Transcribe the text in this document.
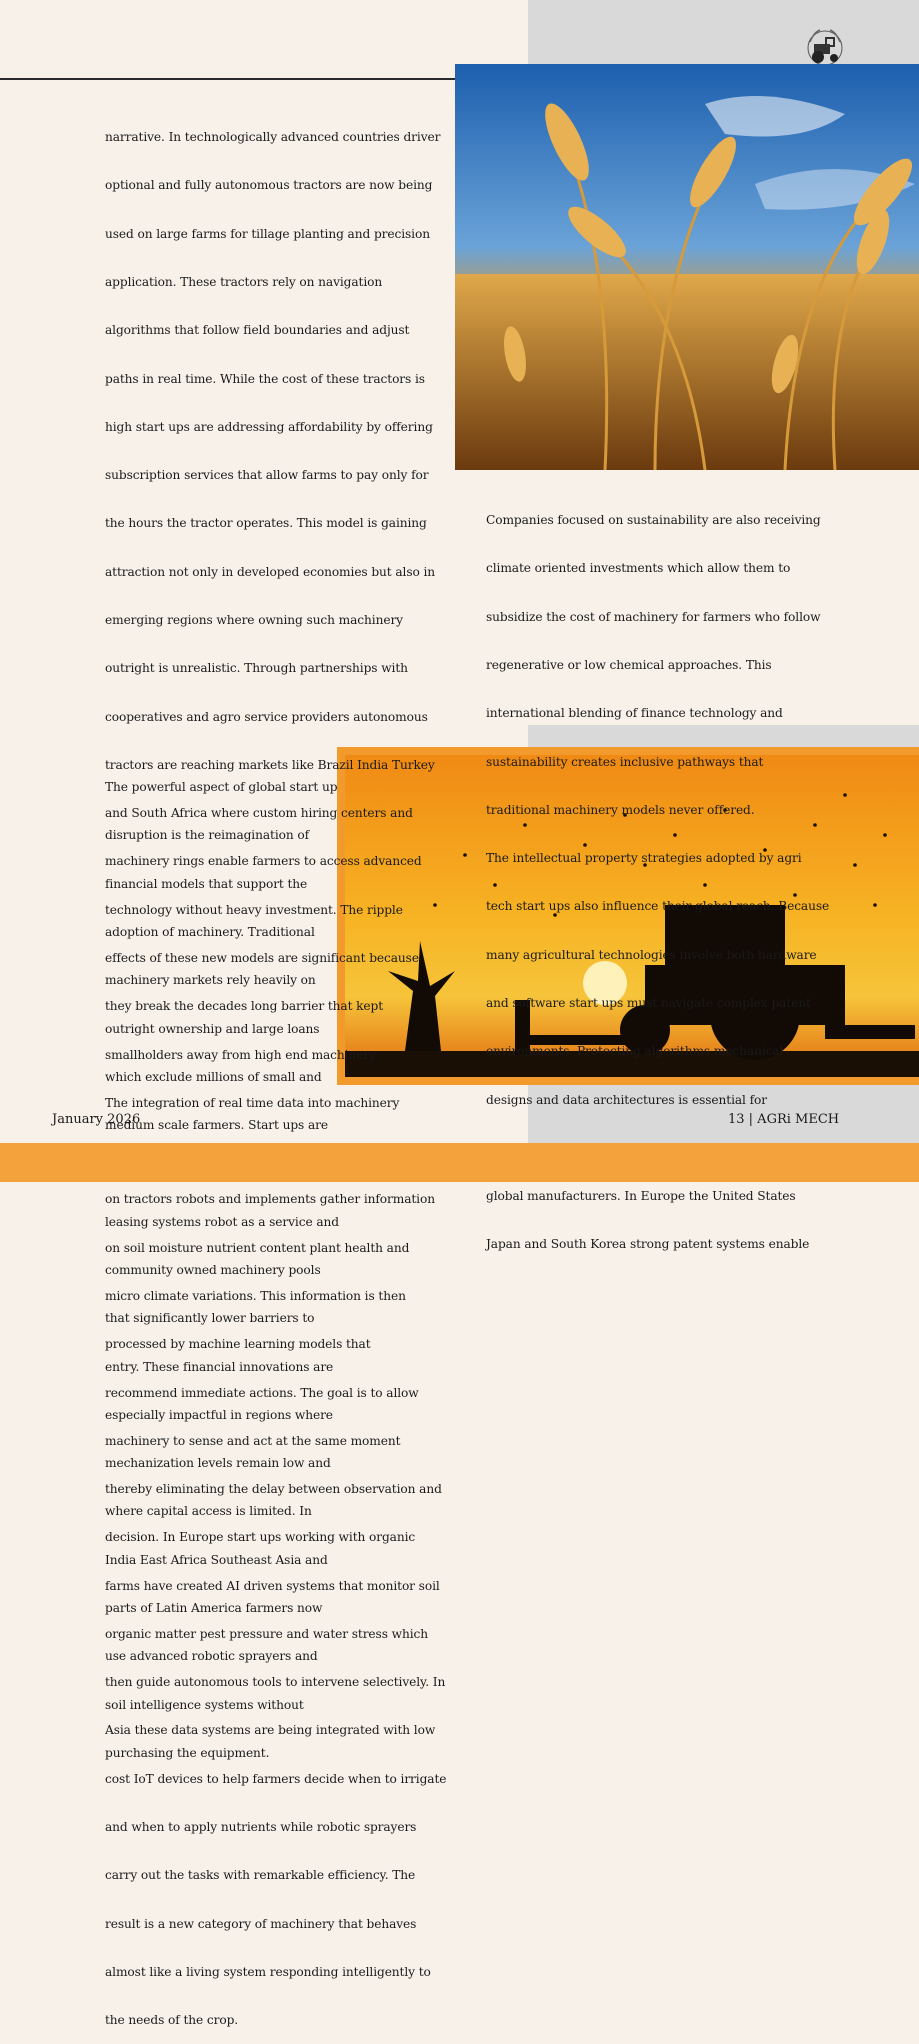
narrative. In technologically advanced countries driver

optional and fully autonomous tractors are now being

used on large farms for tillage planting and precision

application. These tractors rely on navigation

algorithms that follow field boundaries and adjust

paths in real time. While the cost of these tractors is

high start ups are addressing affordability by offering

subscription services that allow farms to pay only for

the hours the tractor operates. This model is gaining

attraction not only in developed economies but also in

emerging regions where owning such machinery

outright is unrealistic. Through partnerships with

cooperatives and agro service providers autonomous

tractors are reaching markets like Brazil India Turkey

and South Africa where custom hiring centers and

machinery rings enable farmers to access advanced

technology without heavy investment. The ripple

effects of these new models are significant because

they break the decades long barrier that kept

smallholders away from high end machinery.

The integration of real time data into machinery

on tractors robots and implements gather information

on soil moisture nutrient content plant health and

micro climate variations. This information is then

processed by machine learning models that

recommend immediate actions. The goal is to allow

machinery to sense and act at the same moment

thereby eliminating the delay between observation and

decision. In Europe start ups working with organic

farms have created AI driven systems that monitor soil

organic matter pest pressure and water stress which

then guide autonomous tools to intervene selectively. In

Asia these data systems are being integrated with low

cost IoT devices to help farmers decide when to irrigate

and when to apply nutrients while robotic sprayers

carry out the tasks with remarkable efficiency. The

result is a new category of machinery that behaves

almost like a living system responding intelligently to

the needs of the crop.

The powerful aspect of global start up

disruption is the reimagination of

financial models that support the

adoption of machinery. Traditional

machinery markets rely heavily on

outright ownership and large loans

which exclude millions of small and

medium scale farmers. Start ups are

leasing systems robot as a service and

community owned machinery pools

that significantly lower barriers to

entry. These financial innovations are

especially impactful in regions where

mechanization levels remain low and

where capital access is limited. In

India East Africa Southeast Asia and

parts of Latin America farmers now

use advanced robotic sprayers and

soil intelligence systems without

purchasing the equipment.

Companies focused on sustainability are also receiving

climate oriented investments which allow them to

subsidize the cost of machinery for farmers who follow

regenerative or low chemical approaches. This

international blending of finance technology and

sustainability creates inclusive pathways that

traditional machinery models never offered.

The intellectual property strategies adopted by agri

tech start ups also influence their global reach. Because

many agricultural technologies involve both hardware

and software start ups must navigate complex patent

environments. Protecting algorithms mechanical

designs and data architectures is essential for

global manufacturers. In Europe the United States

Japan and South Korea strong patent systems enable

January 2026	13 | AGRi MECH
